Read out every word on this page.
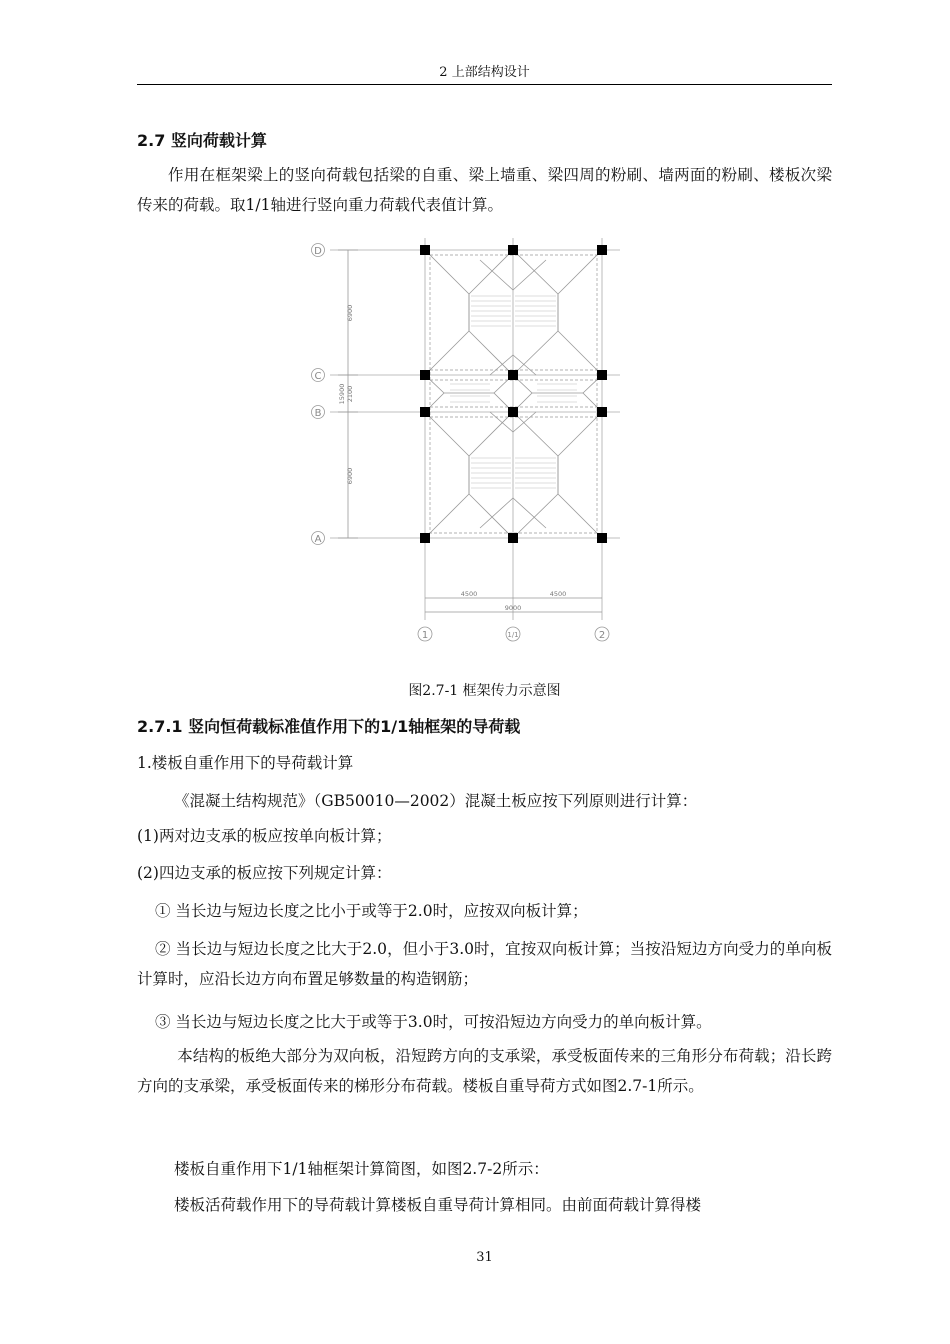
2 上部结构设计
2.7 竖向荷载计算
作用在框架梁上的竖向荷载包括梁的自重、梁上墙重、梁四周的粉刷、墙两面的粉刷、楼板次梁传来的荷载。取1/1轴进行竖向重力荷载代表值计算。
D
C
B
A
1	1/1	2
6900
2100
6900
15900
4500	4500
9000
图2.7-1 框架传力示意图
2.7.1 竖向恒荷载标准值作用下的1/1轴框架的导荷载
1.楼板自重作用下的导荷载计算
《混凝土结构规范》（GB50010—2002）混凝土板应按下列原则进行计算：
(1)两对边支承的板应按单向板计算；
(2)四边支承的板应按下列规定计算：
① 当长边与短边长度之比小于或等于2.0时，应按双向板计算；
② 当长边与短边长度之比大于2.0，但小于3.0时，宜按双向板计算；当按沿短边方向受力的单向板计算时，应沿长边方向布置足够数量的构造钢筋；
③ 当长边与短边长度之比大于或等于3.0时，可按沿短边方向受力的单向板计算。
本结构的板绝大部分为双向板，沿短跨方向的支承梁，承受板面传来的三角形分布荷载；沿长跨方向的支承梁，承受板面传来的梯形分布荷载。楼板自重导荷方式如图2.7-1所示。
楼板自重作用下1/1轴框架计算简图，如图2.7-2所示：
楼板活荷载作用下的导荷载计算楼板自重导荷计算相同。由前面荷载计算得楼
31
